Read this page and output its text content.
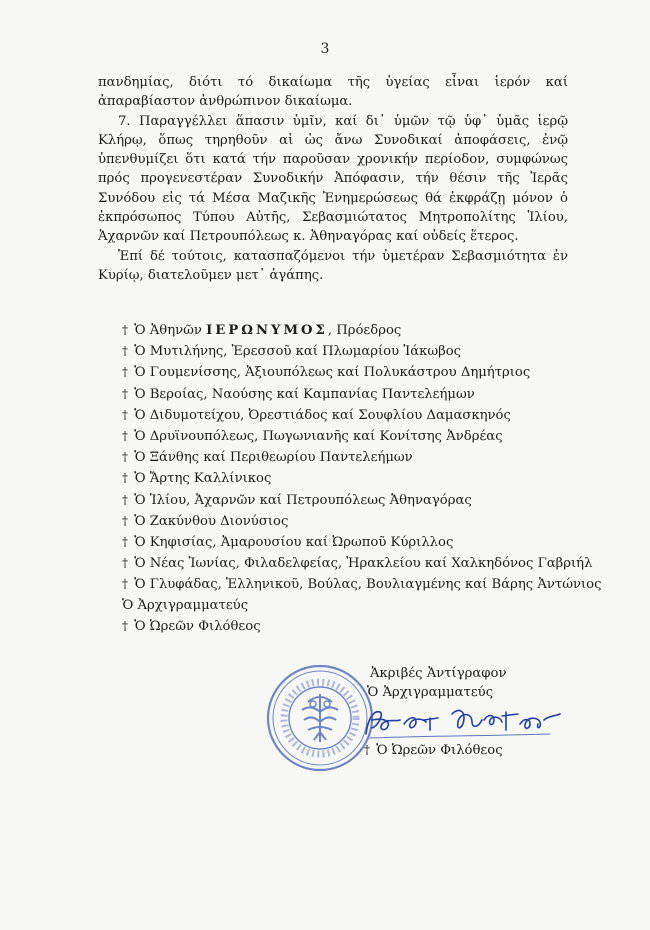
3

πανδημίας, διότι τό δικαίωμα τῆς ὑγείας εἶναι ἱερόν καί ἀπαραβίαστον ἀνθρώπινον δικαίωμα.

7. Παραγγέλλει ἅπασιν ὑμῖν, καί δι᾽ ὑμῶν τῷ ὑφ᾽ ὑμᾶς ἱερῷ Κλήρῳ, ὅπως τηρηθοῦν αἱ ὡς ἄνω Συνοδικαί ἀποφάσεις, ἐνῷ ὑπενθυμίζει ὅτι κατά τήν παροῦσαν χρονικήν περίοδον, συμφώνως πρός προγενεστέραν Συνοδικήν Ἀπόφασιν, τήν θέσιν τῆς Ἱερᾶς Συνόδου εἰς τά Μέσα Μαζικῆς Ἐνημερώσεως θά ἐκφράζῃ μόνον ὁ ἐκπρόσωπος Τύπου Αὐτῆς, Σεβασμιώτατος Μητροπολίτης Ἰλίου, Ἀχαρνῶν καί Πετρουπόλεως κ. Ἀθηναγόρας καί οὐδείς ἕτερος.

Ἐπί δέ τούτοις, κατασπαζόμενοι τήν ὑμετέραν Σεβασμιότητα ἐν Κυρίῳ, διατελοῦμεν μετ᾽ ἀγάπης.

† Ὁ Ἀθηνῶν ΙΕΡΩΝΥΜΟΣ, Πρόεδρος
† Ὁ Μυτιλήνης, Ἐρεσσοῦ καί Πλωμαρίου Ἰάκωβος
† Ὁ Γουμενίσσης, Ἀξιουπόλεως καί Πολυκάστρου Δημήτριος
† Ὁ Βεροίας, Ναούσης καί Καμπανίας Παντελεήμων
† Ὁ Διδυμοτείχου, Ὀρεστιάδος καί Σουφλίου Δαμασκηνός
† Ὁ Δρυϊνουπόλεως, Πωγωνιανῆς καί Κονίτσης Ἀνδρέας
† Ὁ Ξάνθης καί Περιθεωρίου Παντελεήμων
† Ὁ Ἄρτης Καλλίνικος
† Ὁ Ἰλίου, Ἀχαρνῶν καί Πετρουπόλεως Ἀθηναγόρας
† Ὁ Ζακύνθου Διονύσιος
† Ὁ Κηφισίας, Ἀμαρουσίου καί Ὠρωποῦ Κύριλλος
† Ὁ Νέας Ἰωνίας, Φιλαδελφείας, Ἡρακλείου καί Χαλκηδόνος Γαβριήλ
† Ὁ Γλυφάδας, Ἑλληνικοῦ, Βούλας, Βουλιαγμένης καί Βάρης Ἀντώνιος
Ὁ Ἀρχιγραμματεύς
† Ὁ Ὠρεῶν Φιλόθεος
Ἀκριβές Ἀντίγραφον
Ὁ Ἀρχιγραμματεύς
† Ὁ Ὠρεῶν Φιλόθεος
